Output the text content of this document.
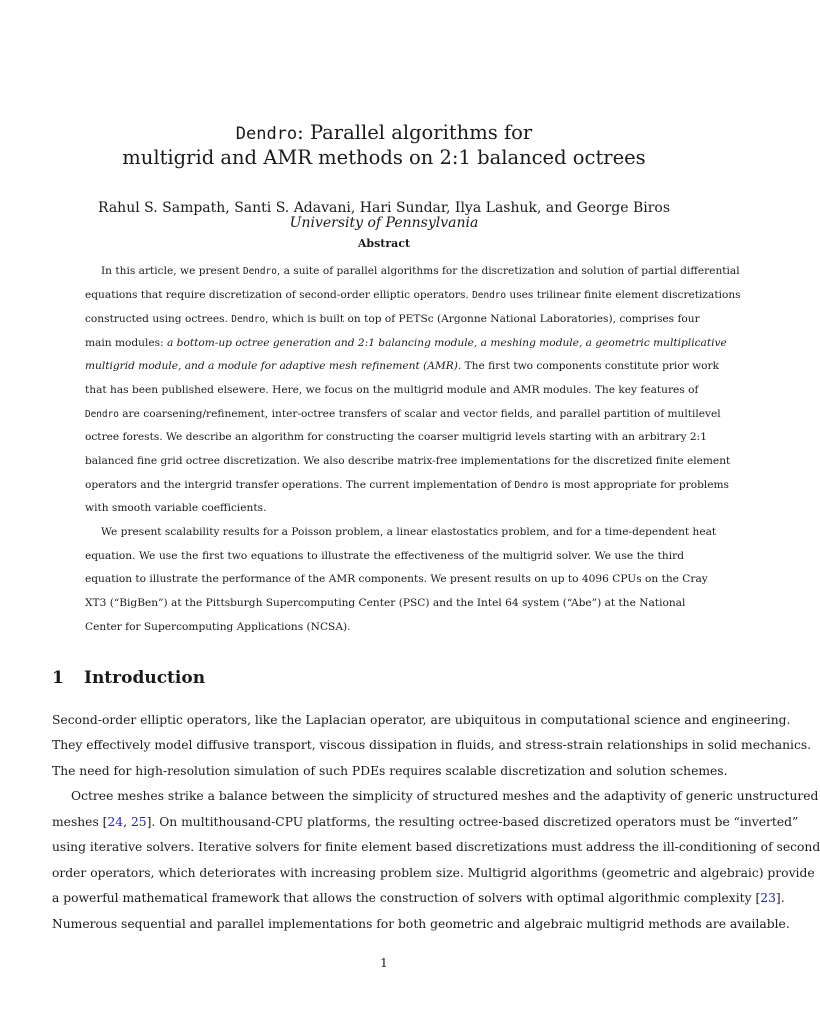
Dendro: Parallel algorithms for
multigrid and AMR methods on 2:1 balanced octrees
Rahul S. Sampath, Santi S. Adavani, Hari Sundar, Ilya Lashuk, and George Biros
University of Pennsylvania
Abstract
In this article, we present Dendro, a suite of parallel algorithms for the discretization and solution of partial differential
equations that require discretization of second-order elliptic operators. Dendro uses trilinear finite element discretizations
constructed using octrees. Dendro, which is built on top of PETSc (Argonne National Laboratories), comprises four
main modules: a bottom-up octree generation and 2:1 balancing module, a meshing module, a geometric multiplicative
multigrid module, and a module for adaptive mesh refinement (AMR). The first two components constitute prior work
that has been published elsewere. Here, we focus on the multigrid module and AMR modules. The key features of
Dendro are coarsening/refinement, inter-octree transfers of scalar and vector fields, and parallel partition of multilevel
octree forests. We describe an algorithm for constructing the coarser multigrid levels starting with an arbitrary 2:1
balanced fine grid octree discretization. We also describe matrix-free implementations for the discretized finite element
operators and the intergrid transfer operations. The current implementation of Dendro is most appropriate for problems
with smooth variable coefficients.
We present scalability results for a Poisson problem, a linear elastostatics problem, and for a time-dependent heat
equation. We use the first two equations to illustrate the effectiveness of the multigrid solver. We use the third
equation to illustrate the performance of the AMR components. We present results on up to 4096 CPUs on the Cray
XT3 (“BigBen”) at the Pittsburgh Supercomputing Center (PSC) and the Intel 64 system (“Abe”) at the National
Center for Supercomputing Applications (NCSA).
1 Introduction
Second-order elliptic operators, like the Laplacian operator, are ubiquitous in computational science and engineering.
They effectively model diffusive transport, viscous dissipation in fluids, and stress-strain relationships in solid mechanics.
The need for high-resolution simulation of such PDEs requires scalable discretization and solution schemes.
Octree meshes strike a balance between the simplicity of structured meshes and the adaptivity of generic unstructured
meshes [24, 25]. On multithousand-CPU platforms, the resulting octree-based discretized operators must be “inverted”
using iterative solvers. Iterative solvers for finite element based discretizations must address the ill-conditioning of second
order operators, which deteriorates with increasing problem size. Multigrid algorithms (geometric and algebraic) provide
a powerful mathematical framework that allows the construction of solvers with optimal algorithmic complexity [23].
Numerous sequential and parallel implementations for both geometric and algebraic multigrid methods are available.
1
